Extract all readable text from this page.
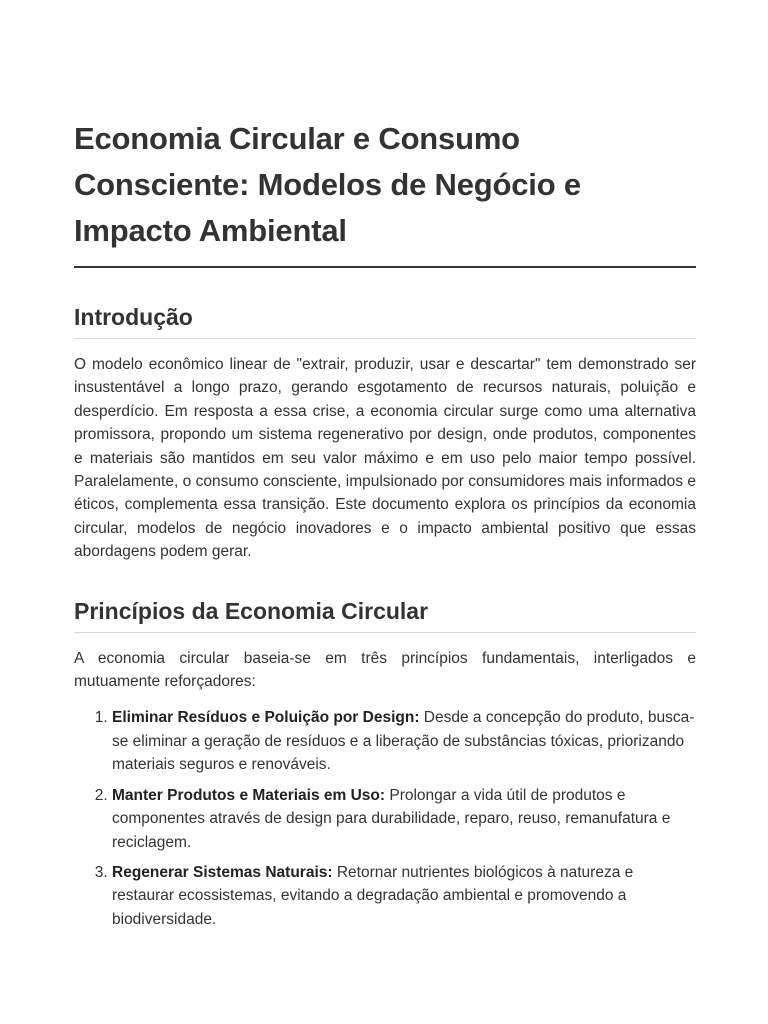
Economia Circular e Consumo Consciente: Modelos de Negócio e Impacto Ambiental
Introdução

O modelo econômico linear de "extrair, produzir, usar e descartar" tem demonstrado ser insustentável a longo prazo, gerando esgotamento de recursos naturais, poluição e desperdício. Em resposta a essa crise, a economia circular surge como uma alternativa promissora, propondo um sistema regenerativo por design, onde produtos, componentes e materiais são mantidos em seu valor máximo e em uso pelo maior tempo possível. Paralelamente, o consumo consciente, impulsionado por consumidores mais informados e éticos, complementa essa transição. Este documento explora os princípios da economia circular, modelos de negócio inovadores e o impacto ambiental positivo que essas abordagens podem gerar.

Princípios da Economia Circular

A economia circular baseia-se em três princípios fundamentais, interligados e mutuamente reforçadores:

1. Eliminar Resíduos e Poluição por Design: Desde a concepção do produto, busca-se eliminar a geração de resíduos e a liberação de substâncias tóxicas, priorizando materiais seguros e renováveis.
2. Manter Produtos e Materiais em Uso: Prolongar a vida útil de produtos e componentes através de design para durabilidade, reparo, reuso, remanufatura e reciclagem.
3. Regenerar Sistemas Naturais: Retornar nutrientes biológicos à natureza e restaurar ecossistemas, evitando a degradação ambiental e promovendo a biodiversidade.
